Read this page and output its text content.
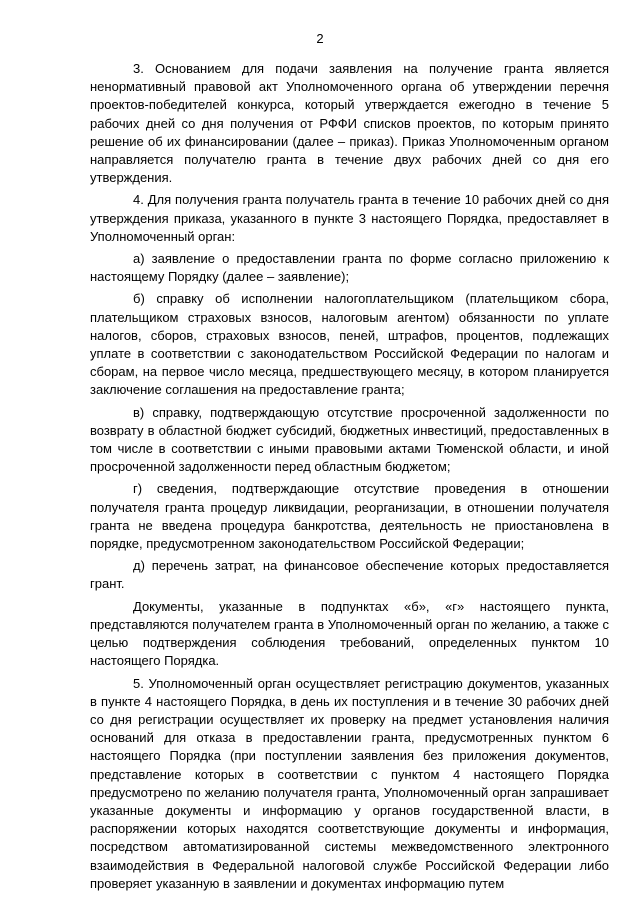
2

3. Основанием для подачи заявления на получение гранта является ненормативный правовой акт Уполномоченного органа об утверждении перечня проектов-победителей конкурса, который утверждается ежегодно в течение 5 рабочих дней со дня получения от РФФИ списков проектов, по которым принято решение об их финансировании (далее – приказ). Приказ Уполномоченным органом направляется получателю гранта в течение двух рабочих дней со дня его утверждения.

4. Для получения гранта получатель гранта в течение 10 рабочих дней со дня утверждения приказа, указанного в пункте 3 настоящего Порядка, предоставляет в Уполномоченный орган:

а) заявление о предоставлении гранта по форме согласно приложению к настоящему Порядку (далее – заявление);

б) справку об исполнении налогоплательщиком (плательщиком сбора, плательщиком страховых взносов, налоговым агентом) обязанности по уплате налогов, сборов, страховых взносов, пеней, штрафов, процентов, подлежащих уплате в соответствии с законодательством Российской Федерации по налогам и сборам, на первое число месяца, предшествующего месяцу, в котором планируется заключение соглашения на предоставление гранта;

в) справку, подтверждающую отсутствие просроченной задолженности по возврату в областной бюджет субсидий, бюджетных инвестиций, предоставленных в том числе в соответствии с иными правовыми актами Тюменской области, и иной просроченной задолженности перед областным бюджетом;

г) сведения, подтверждающие отсутствие проведения в отношении получателя гранта процедур ликвидации, реорганизации, в отношении получателя гранта не введена процедура банкротства, деятельность не приостановлена в порядке, предусмотренном законодательством Российской Федерации;

д) перечень затрат, на финансовое обеспечение которых предоставляется грант.

Документы, указанные в подпунктах «б», «г» настоящего пункта, представляются получателем гранта в Уполномоченный орган по желанию, а также с целью подтверждения соблюдения требований, определенных пунктом 10 настоящего Порядка.

5. Уполномоченный орган осуществляет регистрацию документов, указанных в пункте 4 настоящего Порядка, в день их поступления и в течение 30 рабочих дней со дня регистрации осуществляет их проверку на предмет установления наличия оснований для отказа в предоставлении гранта, предусмотренных пунктом 6 настоящего Порядка (при поступлении заявления без приложения документов, представление которых в соответствии с пунктом 4 настоящего Порядка предусмотрено по желанию получателя гранта, Уполномоченный орган запрашивает указанные документы и информацию у органов государственной власти, в распоряжении которых находятся соответствующие документы и информация, посредством автоматизированной системы межведомственного электронного взаимодействия в Федеральной налоговой службе Российской Федерации либо проверяет указанную в заявлении и документах информацию путем
